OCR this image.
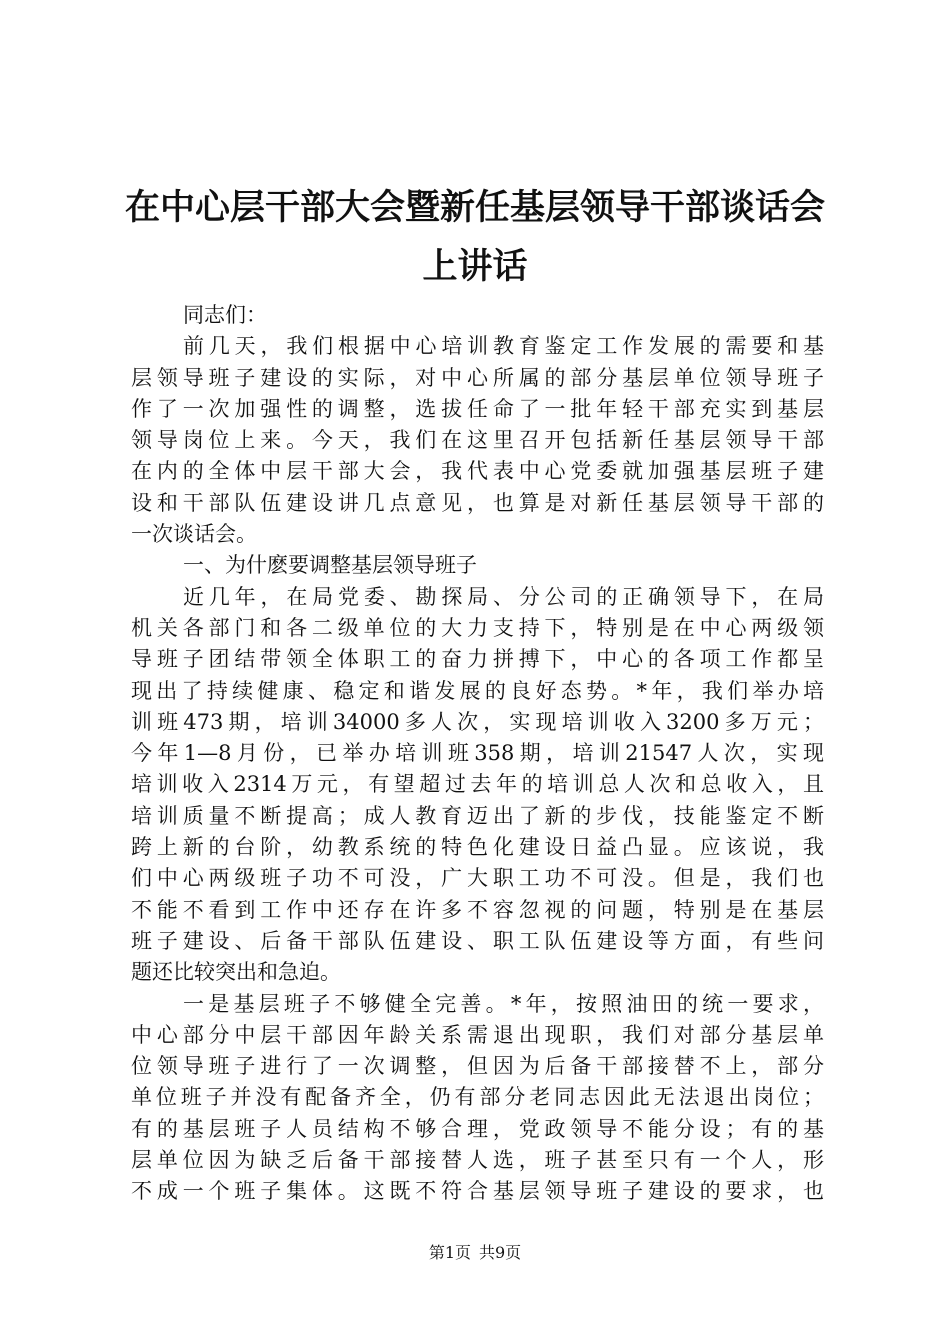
在中心层干部大会暨新任基层领导干部谈话会
上讲话
同志们：
前几天，我们根据中心培训教育鉴定工作发展的需要和基
层领导班子建设的实际，对中心所属的部分基层单位领导班子
作了一次加强性的调整，选拔任命了一批年轻干部充实到基层
领导岗位上来。今天，我们在这里召开包括新任基层领导干部
在内的全体中层干部大会，我代表中心党委就加强基层班子建
设和干部队伍建设讲几点意见，也算是对新任基层领导干部的
一次谈话会。
一、为什麽要调整基层领导班子
近几年，在局党委、勘探局、分公司的正确领导下，在局
机关各部门和各二级单位的大力支持下，特别是在中心两级领
导班子团结带领全体职工的奋力拼搏下，中心的各项工作都呈
现出了持续健康、稳定和谐发展的良好态势。*年，我们举办培
训班473期，培训34000多人次，实现培训收入3200多万元；
今年1—8月份，已举办培训班358期，培训21547人次，实现
培训收入2314万元，有望超过去年的培训总人次和总收入，且
培训质量不断提高；成人教育迈出了新的步伐，技能鉴定不断
跨上新的台阶，幼教系统的特色化建设日益凸显。应该说，我
们中心两级班子功不可没，广大职工功不可没。但是，我们也
不能不看到工作中还存在许多不容忽视的问题，特别是在基层
班子建设、后备干部队伍建设、职工队伍建设等方面，有些问
题还比较突出和急迫。
一是基层班子不够健全完善。*年，按照油田的统一要求，
中心部分中层干部因年龄关系需退出现职，我们对部分基层单
位领导班子进行了一次调整，但因为后备干部接替不上，部分
单位班子并没有配备齐全，仍有部分老同志因此无法退出岗位；
有的基层班子人员结构不够合理，党政领导不能分设；有的基
层单位因为缺乏后备干部接替人选，班子甚至只有一个人，形
不成一个班子集体。这既不符合基层领导班子建设的要求，也
第1页 共9页
